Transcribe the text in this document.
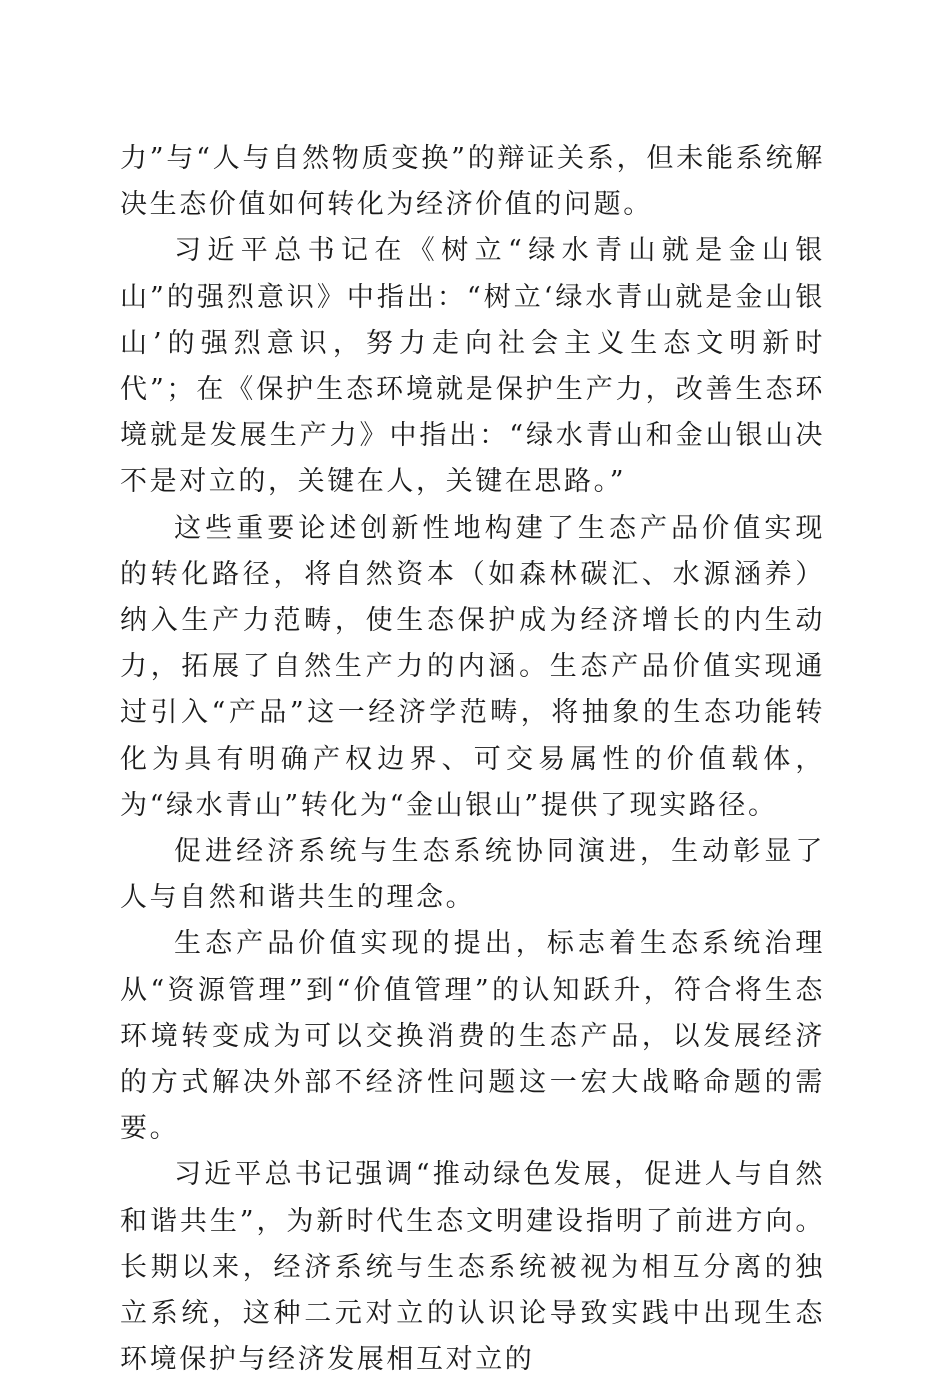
力”与“人与自然物质变换”的辩证关系，但未能系统解决生态价值如何转化为经济价值的问题。

习近平总书记在《树立“绿水青山就是金山银山”的强烈意识》中指出：“树立‘绿水青山就是金山银山’的强烈意识，努力走向社会主义生态文明新时代”；在《保护生态环境就是保护生产力，改善生态环境就是发展生产力》中指出：“绿水青山和金山银山决不是对立的，关键在人，关键在思路。”

这些重要论述创新性地构建了生态产品价值实现的转化路径，将自然资本（如森林碳汇、水源涵养）纳入生产力范畴，使生态保护成为经济增长的内生动力，拓展了自然生产力的内涵。生态产品价值实现通过引入“产品”这一经济学范畴，将抽象的生态功能转化为具有明确产权边界、可交易属性的价值载体，为“绿水青山”转化为“金山银山”提供了现实路径。

促进经济系统与生态系统协同演进，生动彰显了人与自然和谐共生的理念。

生态产品价值实现的提出，标志着生态系统治理从“资源管理”到“价值管理”的认知跃升，符合将生态环境转变成为可以交换消费的生态产品，以发展经济的方式解决外部不经济性问题这一宏大战略命题的需要。

习近平总书记强调“推动绿色发展，促进人与自然和谐共生”，为新时代生态文明建设指明了前进方向。长期以来，经济系统与生态系统被视为相互分离的独立系统，这种二元对立的认识论导致实践中出现生态环境保护与经济发展相互对立的
